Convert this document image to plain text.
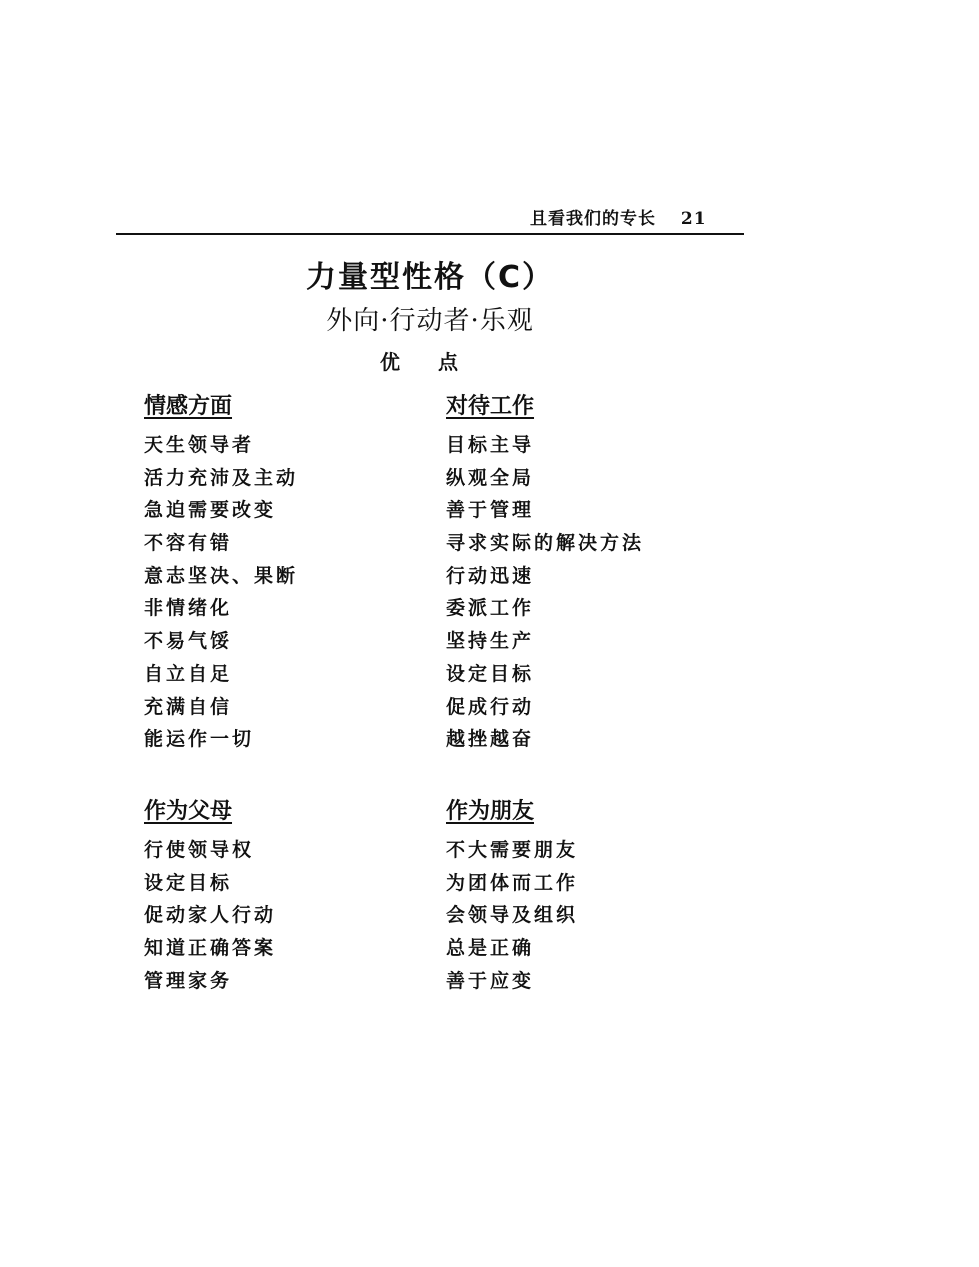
且看我们的专长 21
力量型性格（C）
外向·行动者·乐观
优点
情感方面
天生领导者
活力充沛及主动
急迫需要改变
不容有错
意志坚决、果断
非情绪化
不易气馁
自立自足
充满自信
能运作一切
对待工作
目标主导
纵观全局
善于管理
寻求实际的解决方法
行动迅速
委派工作
坚持生产
设定目标
促成行动
越挫越奋
作为父母
行使领导权
设定目标
促动家人行动
知道正确答案
管理家务
作为朋友
不大需要朋友
为团体而工作
会领导及组织
总是正确
善于应变
